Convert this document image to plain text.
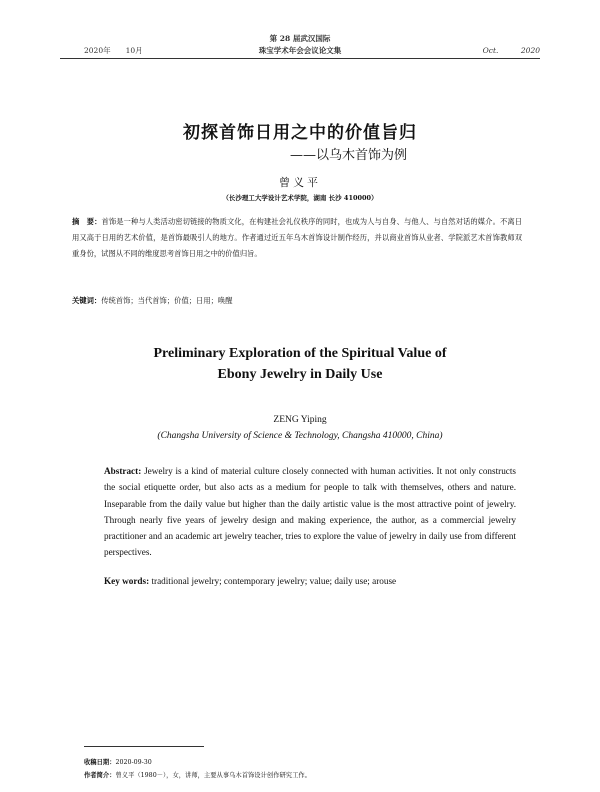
2020年　　10月
第 28 届武汉国际
珠宝学术年会会议论文集	Oct.　　　2020
初探首饰日用之中的价值旨归
——以乌木首饰为例
曾义平
（长沙理工大学设计艺术学院，湖南 长沙 410000）
摘　要：首饰是一种与人类活动密切链接的物质文化，在构建社会礼仪秩序的同时，也成为人与自身、与他人、与自然对话的媒介。不离日用又高于日用的艺术价值，是首饰最吸引人的地方。作者通过近五年乌木首饰设计制作经历，并以商业首饰从业者、学院派艺术首饰教师双重身份，试图从不同的维度思考首饰日用之中的价值归旨。
关键词：传统首饰；当代首饰；价值；日用；唤醒
Preliminary Exploration of the Spiritual Value of
Ebony Jewelry in Daily Use
ZENG Yiping
(Changsha University of Science & Technology, Changsha 410000, China)
Abstract: Jewelry is a kind of material culture closely connected with human activities. It not only constructs the social etiquette order, but also acts as a medium for people to talk with themselves, others and nature. Inseparable from the daily value but higher than the daily artistic value is the most attractive point of jewelry. Through nearly five years of jewelry design and making experience, the author, as a commercial jewelry practitioner and an academic art jewelry teacher, tries to explore the value of jewelry in daily use from different perspectives.
Key words: traditional jewelry; contemporary jewelry; value; daily use; arouse
收稿日期：2020-09-30
作者简介：曾义平（1980－），女，讲师，主要从事乌木首饰设计创作研究工作。
